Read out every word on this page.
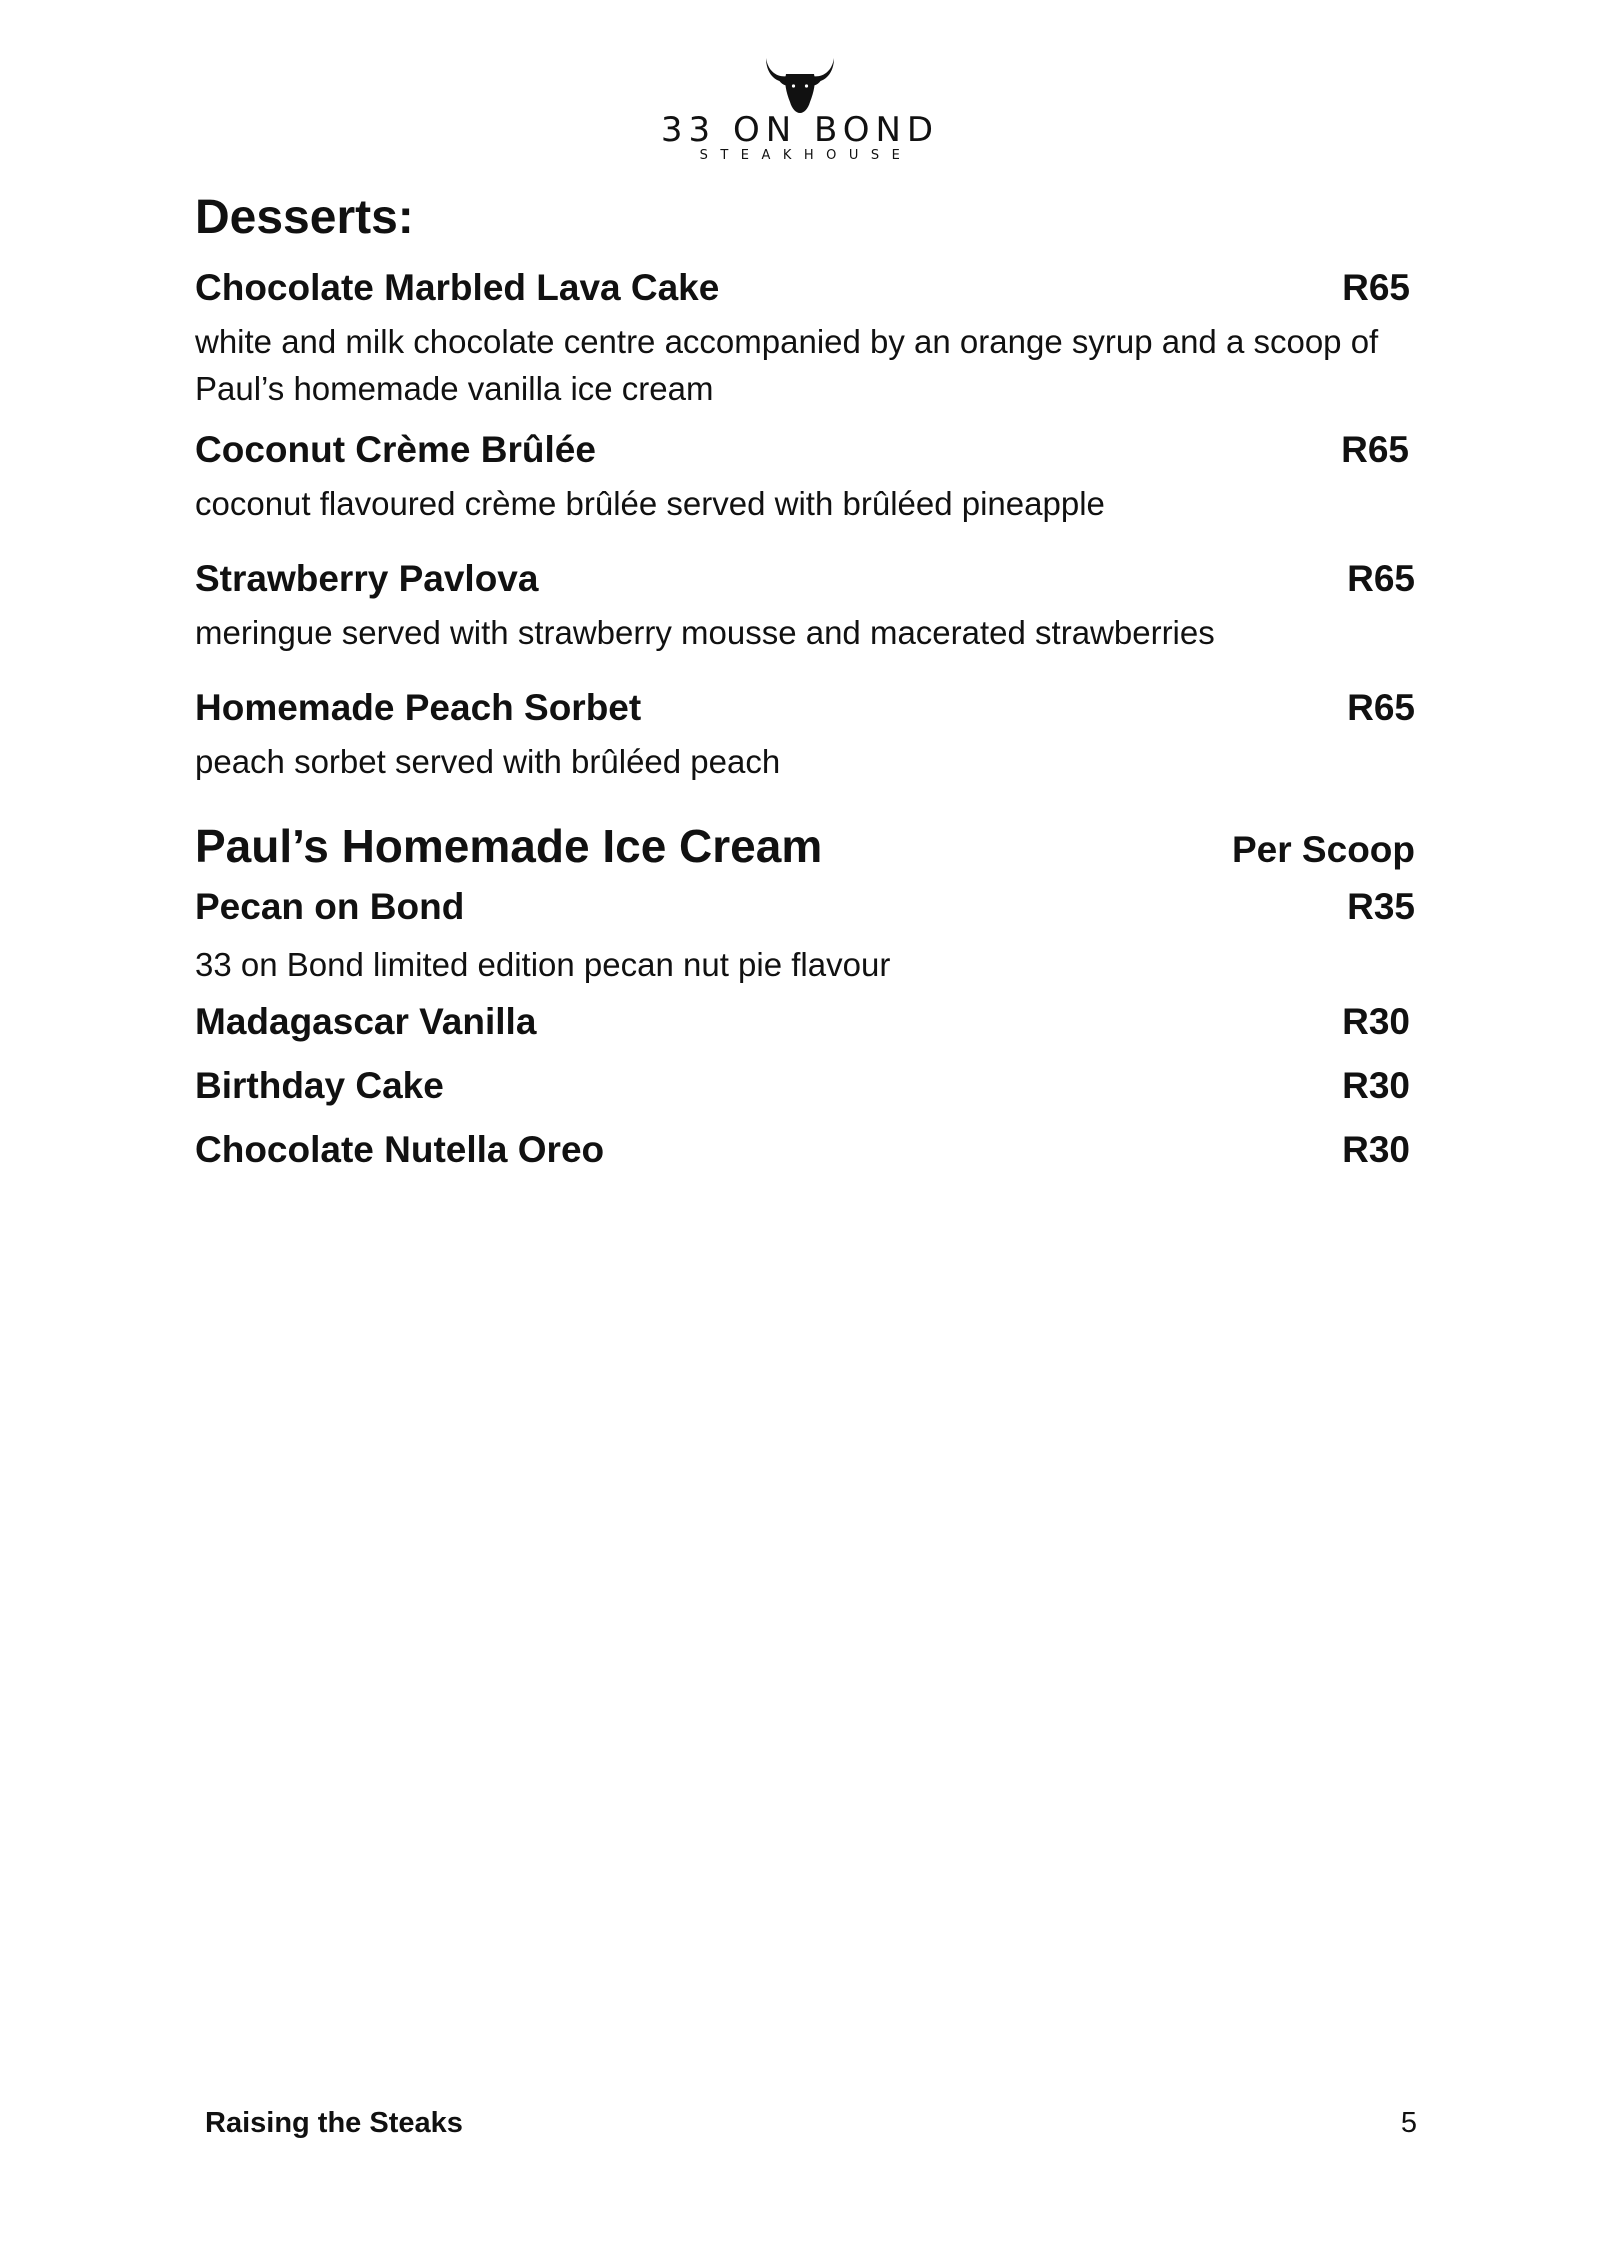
33 ON BOND
STEAKHOUSE
Desserts:
Chocolate Marbled Lava Cake	R65
white and milk chocolate centre accompanied by an orange syrup and a scoop of Paul’s homemade vanilla ice cream
Coconut Crème Brûlée	R65
coconut flavoured crème brûlée served with brûléed pineapple
Strawberry Pavlova	R65
meringue served with strawberry mousse and macerated strawberries
Homemade Peach Sorbet	R65
peach sorbet served with brûléed peach
Paul’s Homemade Ice Cream	Per Scoop
Pecan on Bond	R35
33 on Bond limited edition pecan nut pie flavour
Madagascar Vanilla	R30
Birthday Cake	R30
Chocolate Nutella Oreo	R30
Raising the Steaks	5
